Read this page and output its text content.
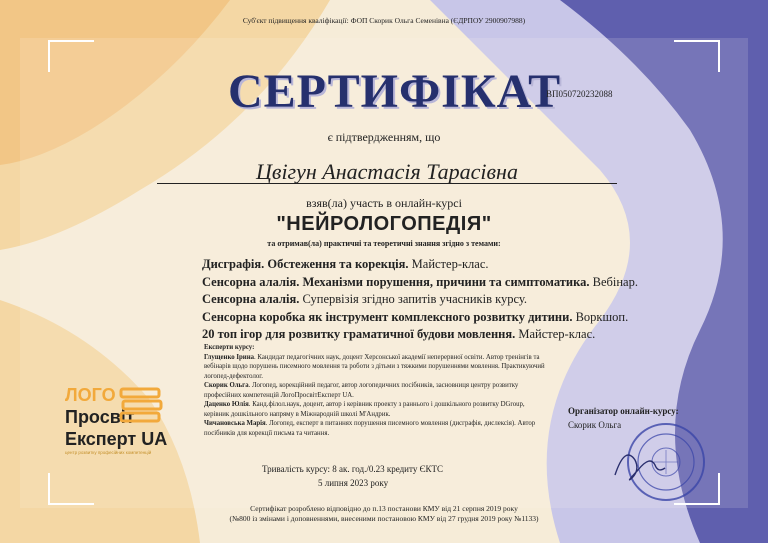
Суб'єкт підвищення кваліфікації: ФОП Скорик Ольга Семенівна (ЄДРПОУ 2900907988)
СЕРТИФІКАТ
ВП050720232088
є підтвердженням, що
Цвігун Анастасія Тарасівна
взяв(ла) участь в онлайн-курсі
"НЕЙРОЛОГОПЕДІЯ"
та отримав(ла) практичні та теоретичні знання згідно з темами:
Дисграфія. Обстеження та корекція. Майстер-клас.
Сенсорна алалія. Механізми порушення, причини та симптоматика. Вебінар.
Сенсорна алалія. Супервізія згідно запитів учасників курсу.
Сенсорна коробка як інструмент комплексного розвитку дитини. Воркшоп.
20 топ ігор для розвитку граматичної будови мовлення. Майстер-клас.
Експерти курсу:
Глущенко Ірина. Кандидат педагогічних наук, доцент Херсонської академії неперервної освіти. Автор тренінгів та вебінарів щодо порушень писемного мовлення та роботи з дітьми з тяжкими порушеннями мовлення. Практикуючий логопед-дефектолог.
Скорик Ольга. Логопед, корекційний педагог, автор логопедичних посібників, засновниця центру розвитку професійних компетенцій ЛогоПросвітЕксперт UA.
Даценко Юлія. Канд.філол.наук, доцент, автор і керівник проекту з раннього і дошкільного розвитку DGroup, керівник дошкільного напряму в Міжнародній школі М'Андрик.
Чичановська Марія. Логопед, експерт в питаннях порушення писемного мовлення (дисграфія, дислексія). Автор посібників для корекції письма та читання.
ЛОГО
Просвіт
Експерт UA
центр розвитку професійних компетенцій
Тривалість курсу: 8 ак. год./0.23 кредиту ЄКТС
5 липня 2023 року
Організатор онлайн-курсу:
Скорик Ольга
Сертифікат розроблено відповідно до п.13 постанови КМУ від 21 серпня 2019 року
(№800 із змінами і доповненнями, внесеними постановою КМУ від 27 грудня 2019 року №1133)
